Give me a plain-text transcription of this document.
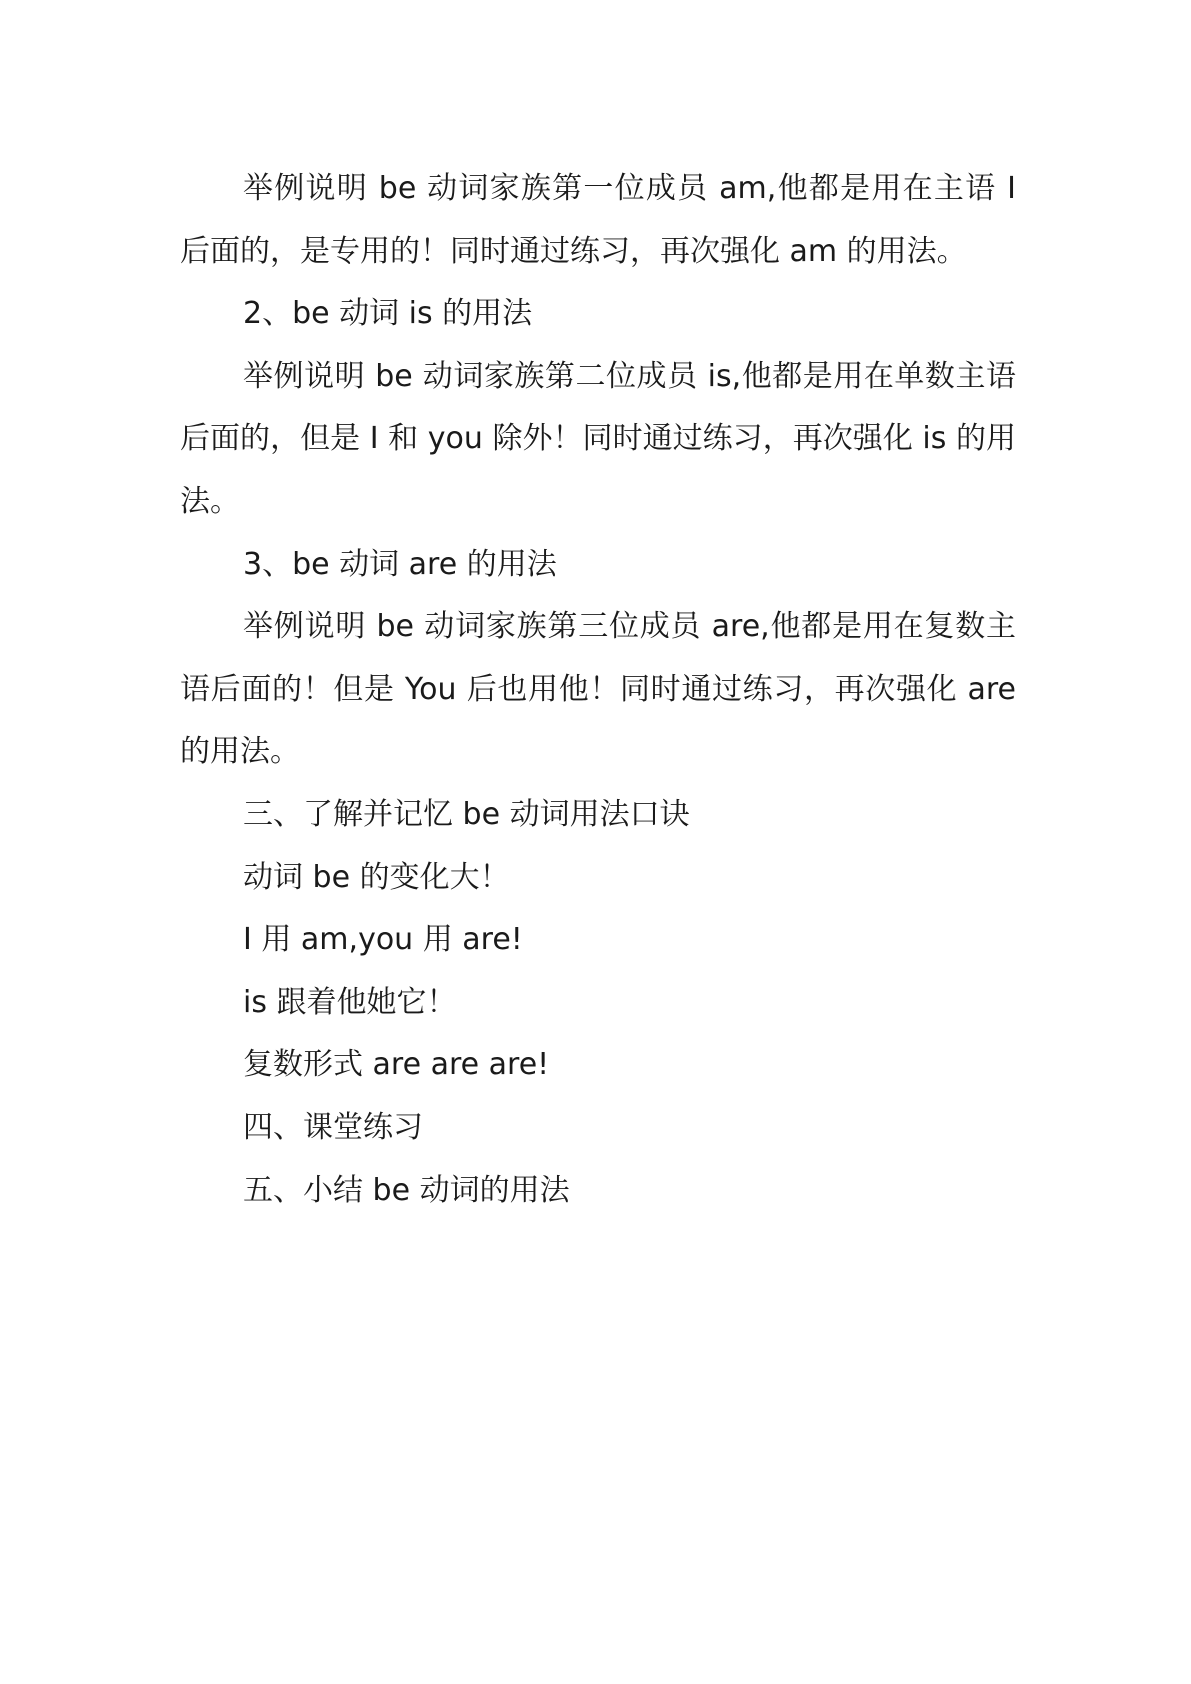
举例说明 be 动词家族第一位成员 am,他都是用在主语 I 后面的，是专用的！同时通过练习，再次强化 am 的用法。

2、be 动词 is 的用法

举例说明 be 动词家族第二位成员 is,他都是用在单数主语后面的，但是 I 和 you 除外！同时通过练习，再次强化 is 的用法。

3、be 动词 are 的用法

举例说明 be 动词家族第三位成员 are,他都是用在复数主语后面的！但是 You 后也用他！同时通过练习，再次强化 are 的用法。

三、了解并记忆 be 动词用法口诀

动词 be 的变化大！

I 用 am,you 用 are!

is 跟着他她它！

复数形式 are are are!

四、课堂练习

五、小结 be 动词的用法
